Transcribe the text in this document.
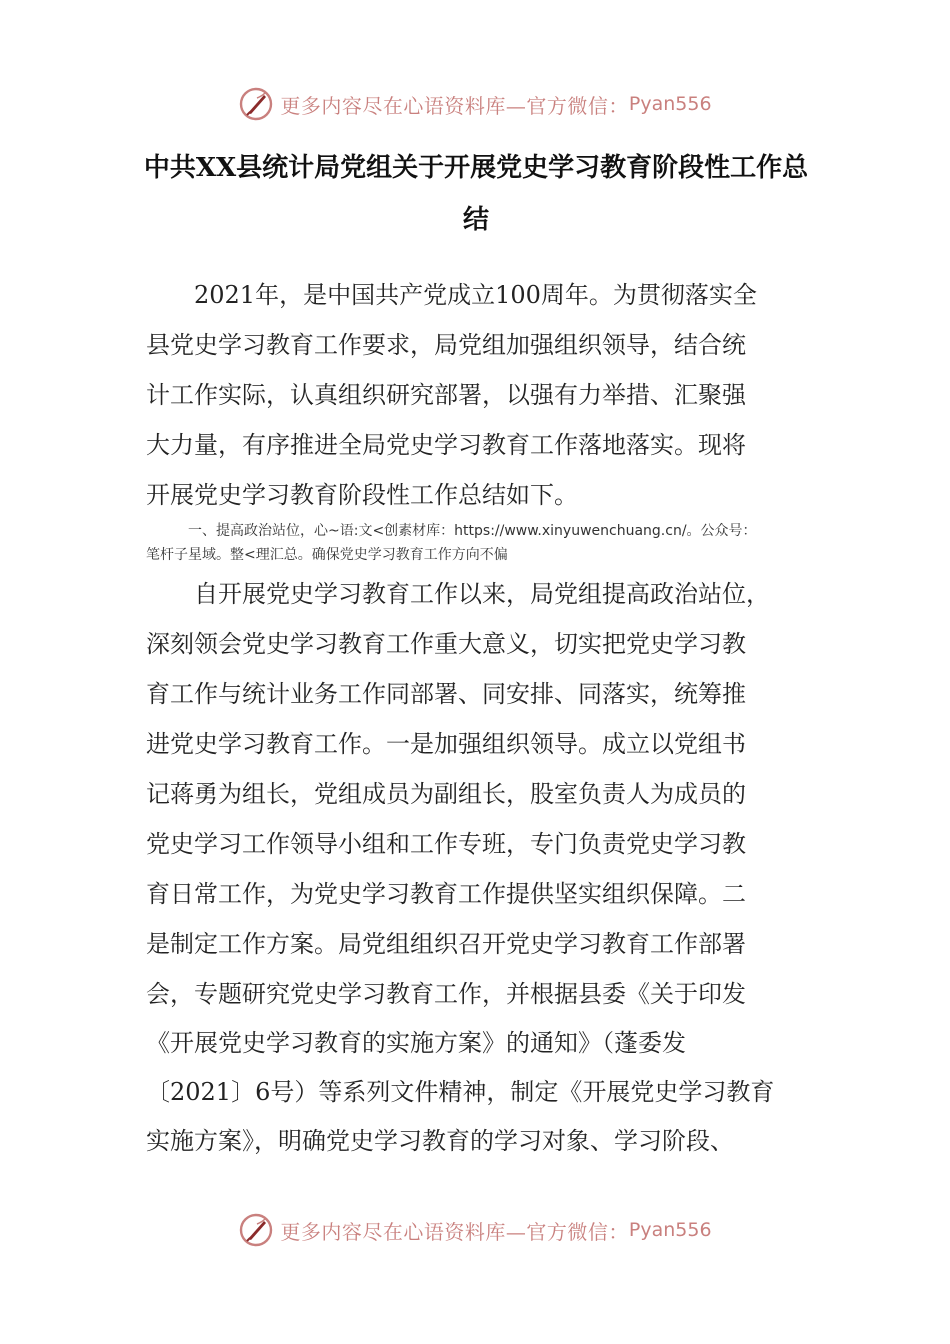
更多内容尽在心语资料库—官方微信： Pyan556
中共XX县统计局党组关于开展党史学习教育阶段性工作总
结
　　2021年，是中国共产党成立100周年。为贯彻落实全
县党史学习教育工作要求，局党组加强组织领导，结合统
计工作实际，认真组织研究部署，以强有力举措、汇聚强
大力量，有序推进全局党史学习教育工作落地落实。现将
开展党史学习教育阶段性工作总结如下。
　　　一、提高政治站位，心~语:文<创素材库：https://www.xinyuwenchuang.cn/。公众号：
笔杆子星域。整<理汇总。确保党史学习教育工作方向不偏
　　自开展党史学习教育工作以来，局党组提高政治站位，
深刻领会党史学习教育工作重大意义，切实把党史学习教
育工作与统计业务工作同部署、同安排、同落实，统筹推
进党史学习教育工作。一是加强组织领导。成立以党组书
记蒋勇为组长，党组成员为副组长，股室负责人为成员的
党史学习工作领导小组和工作专班，专门负责党史学习教
育日常工作，为党史学习教育工作提供坚实组织保障。二
是制定工作方案。局党组组织召开党史学习教育工作部署
会，专题研究党史学习教育工作，并根据县委《关于印发
《开展党史学习教育的实施方案》的通知》（蓬委发
〔2021〕6号）等系列文件精神，制定《开展党史学习教育
实施方案》，明确党史学习教育的学习对象、学习阶段、
更多内容尽在心语资料库—官方微信： Pyan556
